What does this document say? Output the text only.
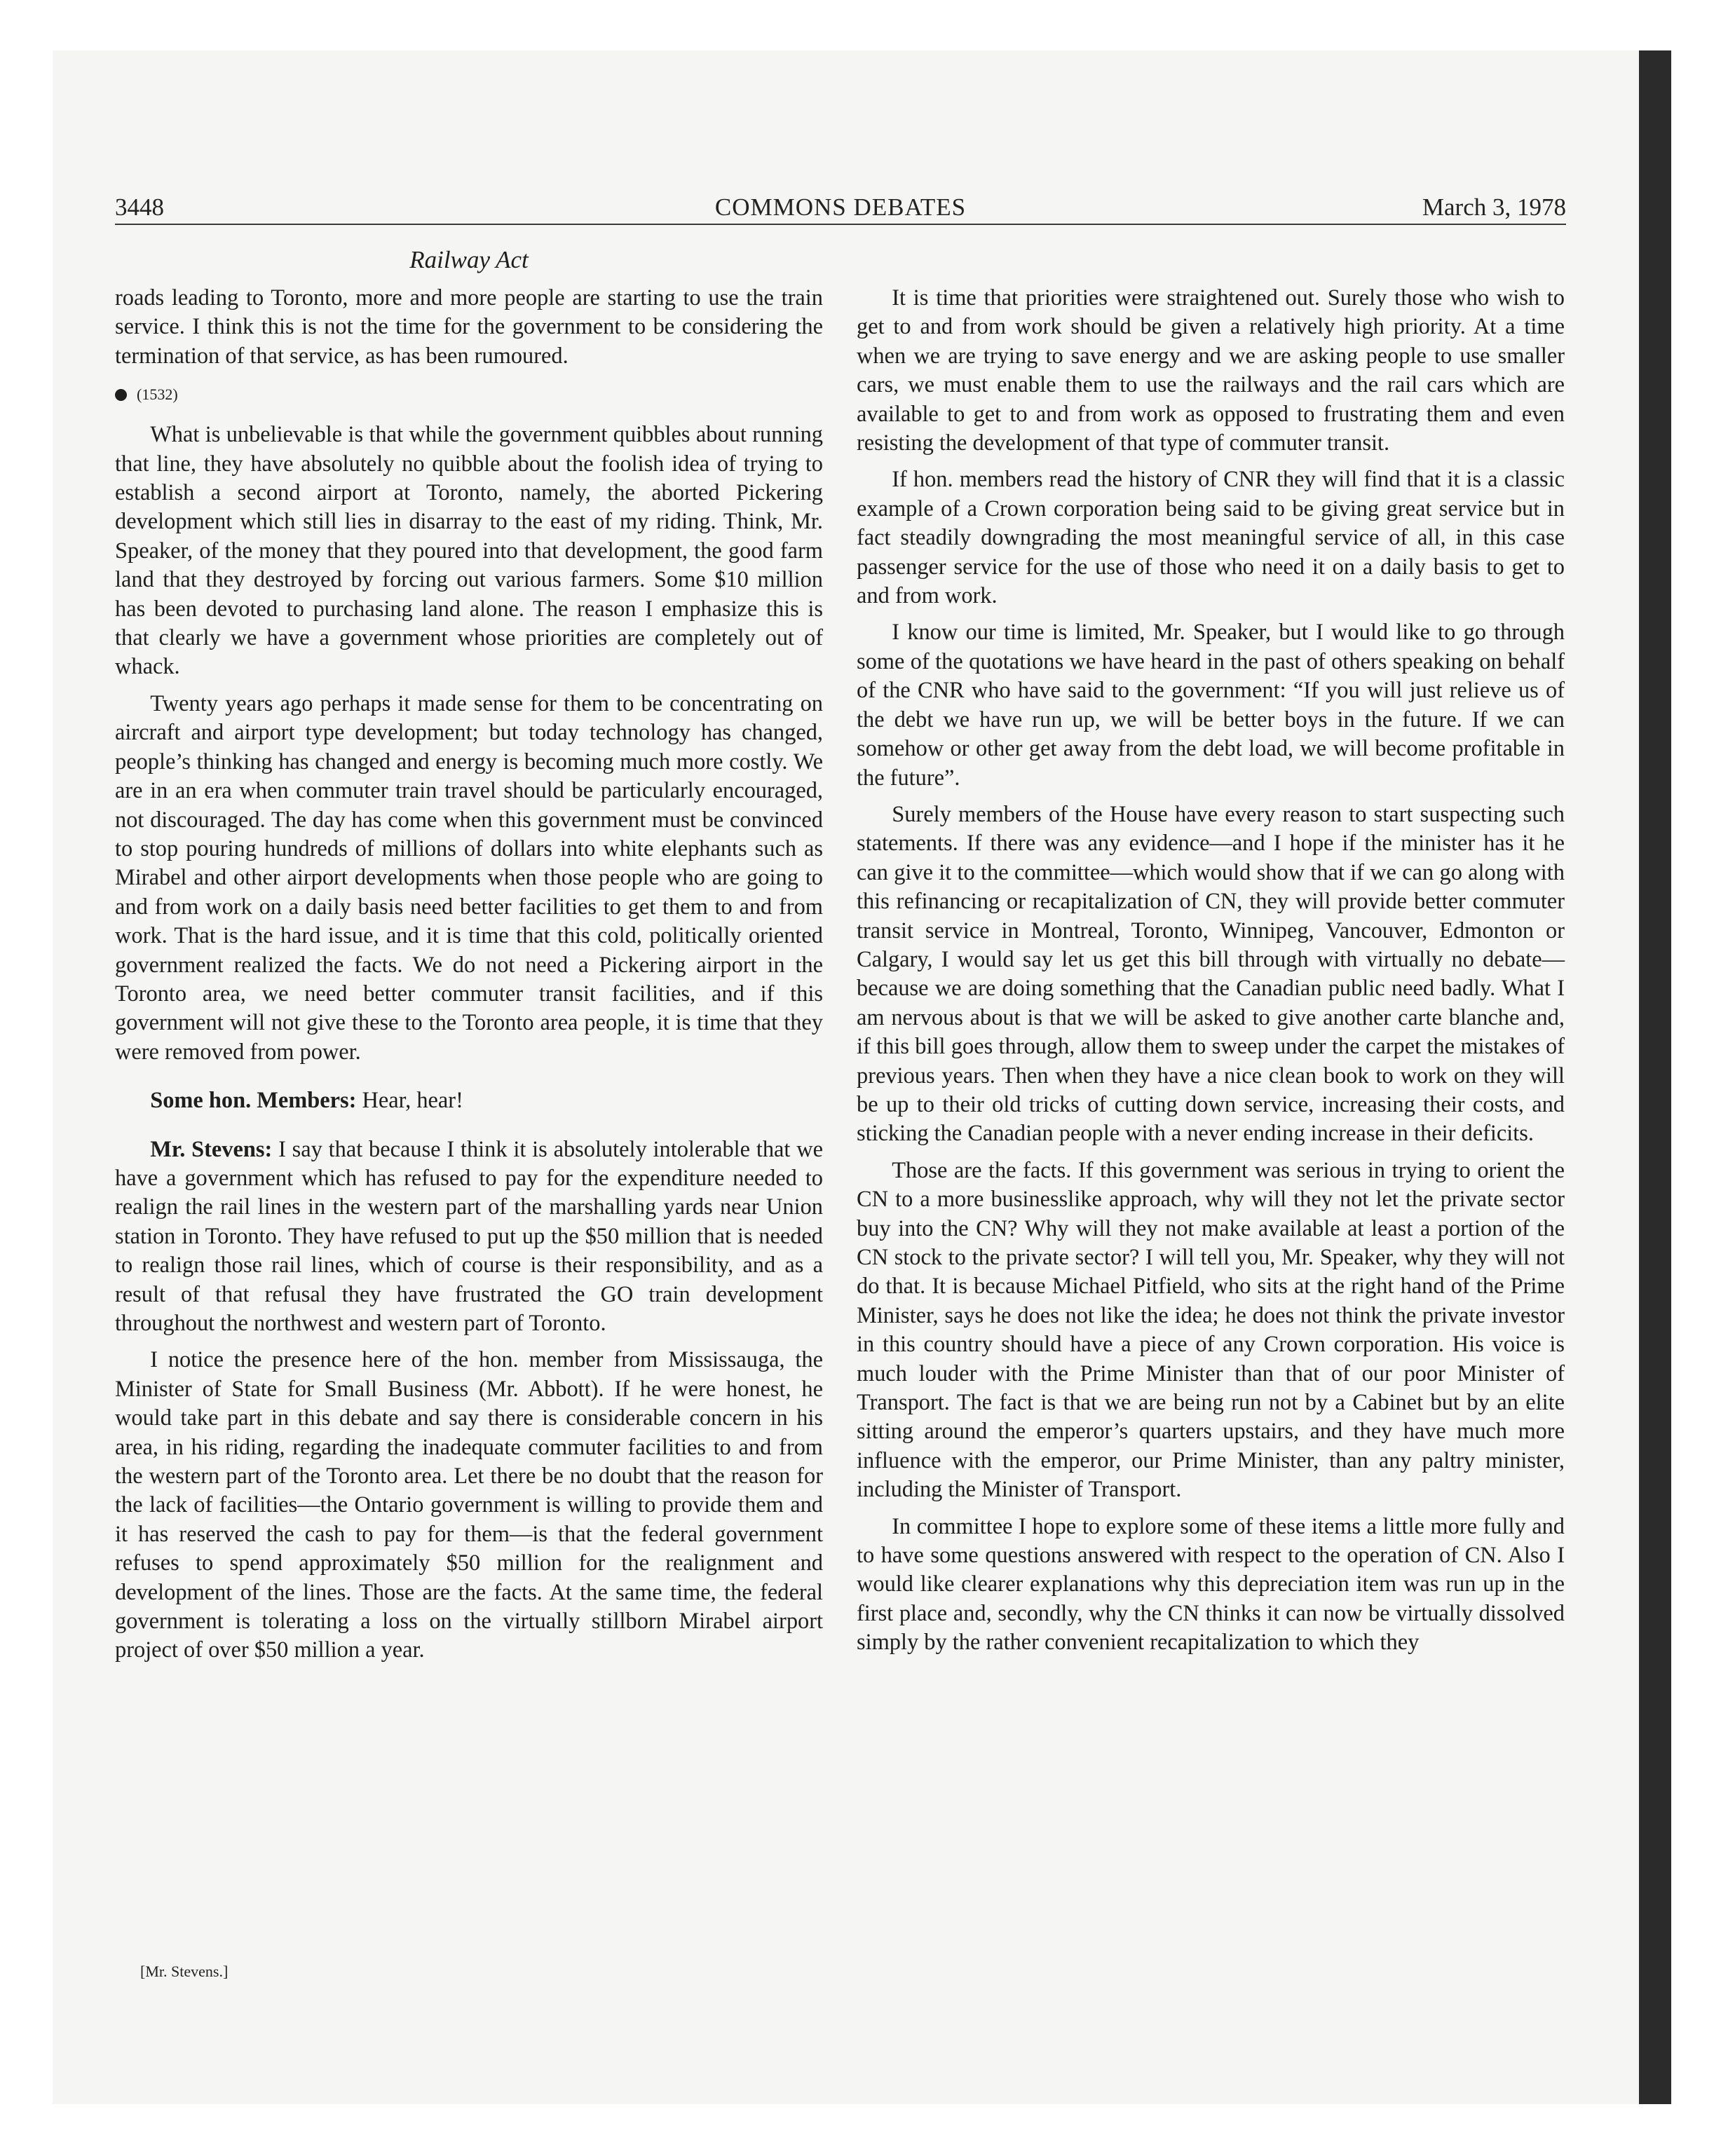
3448	COMMONS DEBATES	March 3, 1978
Railway Act

roads leading to Toronto, more and more people are starting to use the train service. I think this is not the time for the government to be considering the termination of that service, as has been rumoured.

(1532)

What is unbelievable is that while the government quibbles about running that line, they have absolutely no quibble about the foolish idea of trying to establish a second airport at Toronto, namely, the aborted Pickering development which still lies in disarray to the east of my riding. Think, Mr. Speaker, of the money that they poured into that development, the good farm land that they destroyed by forcing out various farmers. Some $10 million has been devoted to purchasing land alone. The reason I emphasize this is that clearly we have a government whose priorities are completely out of whack.

Twenty years ago perhaps it made sense for them to be concentrating on aircraft and airport type development; but today technology has changed, people’s thinking has changed and energy is becoming much more costly. We are in an era when commuter train travel should be particularly encouraged, not discouraged. The day has come when this government must be convinced to stop pouring hundreds of millions of dollars into white elephants such as Mirabel and other airport developments when those people who are going to and from work on a daily basis need better facilities to get them to and from work. That is the hard issue, and it is time that this cold, politically oriented government realized the facts. We do not need a Pickering airport in the Toronto area, we need better commuter transit facilities, and if this government will not give these to the Toronto area people, it is time that they were removed from power.

Some hon. Members: Hear, hear!

Mr. Stevens: I say that because I think it is absolutely intolerable that we have a government which has refused to pay for the expenditure needed to realign the rail lines in the western part of the marshalling yards near Union station in Toronto. They have refused to put up the $50 million that is needed to realign those rail lines, which of course is their responsibility, and as a result of that refusal they have frustrated the GO train development throughout the northwest and western part of Toronto.

I notice the presence here of the hon. member from Mississauga, the Minister of State for Small Business (Mr. Abbott). If he were honest, he would take part in this debate and say there is considerable concern in his area, in his riding, regarding the inadequate commuter facilities to and from the western part of the Toronto area. Let there be no doubt that the reason for the lack of facilities—the Ontario government is willing to provide them and it has reserved the cash to pay for them—is that the federal government refuses to spend approximately $50 million for the realignment and development of the lines. Those are the facts. At the same time, the federal government is tolerating a loss on the virtually stillborn Mirabel airport project of over $50 million a year.

It is time that priorities were straightened out. Surely those who wish to get to and from work should be given a relatively high priority. At a time when we are trying to save energy and we are asking people to use smaller cars, we must enable them to use the railways and the rail cars which are available to get to and from work as opposed to frustrating them and even resisting the development of that type of commuter transit.

If hon. members read the history of CNR they will find that it is a classic example of a Crown corporation being said to be giving great service but in fact steadily downgrading the most meaningful service of all, in this case passenger service for the use of those who need it on a daily basis to get to and from work.

I know our time is limited, Mr. Speaker, but I would like to go through some of the quotations we have heard in the past of others speaking on behalf of the CNR who have said to the government: “If you will just relieve us of the debt we have run up, we will be better boys in the future. If we can somehow or other get away from the debt load, we will become profitable in the future”.

Surely members of the House have every reason to start suspecting such statements. If there was any evidence—and I hope if the minister has it he can give it to the committee—which would show that if we can go along with this refinancing or recapitalization of CN, they will provide better commuter transit service in Montreal, Toronto, Winnipeg, Vancouver, Edmonton or Calgary, I would say let us get this bill through with virtually no debate—because we are doing something that the Canadian public need badly. What I am nervous about is that we will be asked to give another carte blanche and, if this bill goes through, allow them to sweep under the carpet the mistakes of previous years. Then when they have a nice clean book to work on they will be up to their old tricks of cutting down service, increasing their costs, and sticking the Canadian people with a never ending increase in their deficits.

Those are the facts. If this government was serious in trying to orient the CN to a more businesslike approach, why will they not let the private sector buy into the CN? Why will they not make available at least a portion of the CN stock to the private sector? I will tell you, Mr. Speaker, why they will not do that. It is because Michael Pitfield, who sits at the right hand of the Prime Minister, says he does not like the idea; he does not think the private investor in this country should have a piece of any Crown corporation. His voice is much louder with the Prime Minister than that of our poor Minister of Transport. The fact is that we are being run not by a Cabinet but by an elite sitting around the emperor’s quarters upstairs, and they have much more influence with the emperor, our Prime Minister, than any paltry minister, including the Minister of Transport.

In committee I hope to explore some of these items a little more fully and to have some questions answered with respect to the operation of CN. Also I would like clearer explanations why this depreciation item was run up in the first place and, secondly, why the CN thinks it can now be virtually dissolved simply by the rather convenient recapitalization to which they

[Mr. Stevens.]
